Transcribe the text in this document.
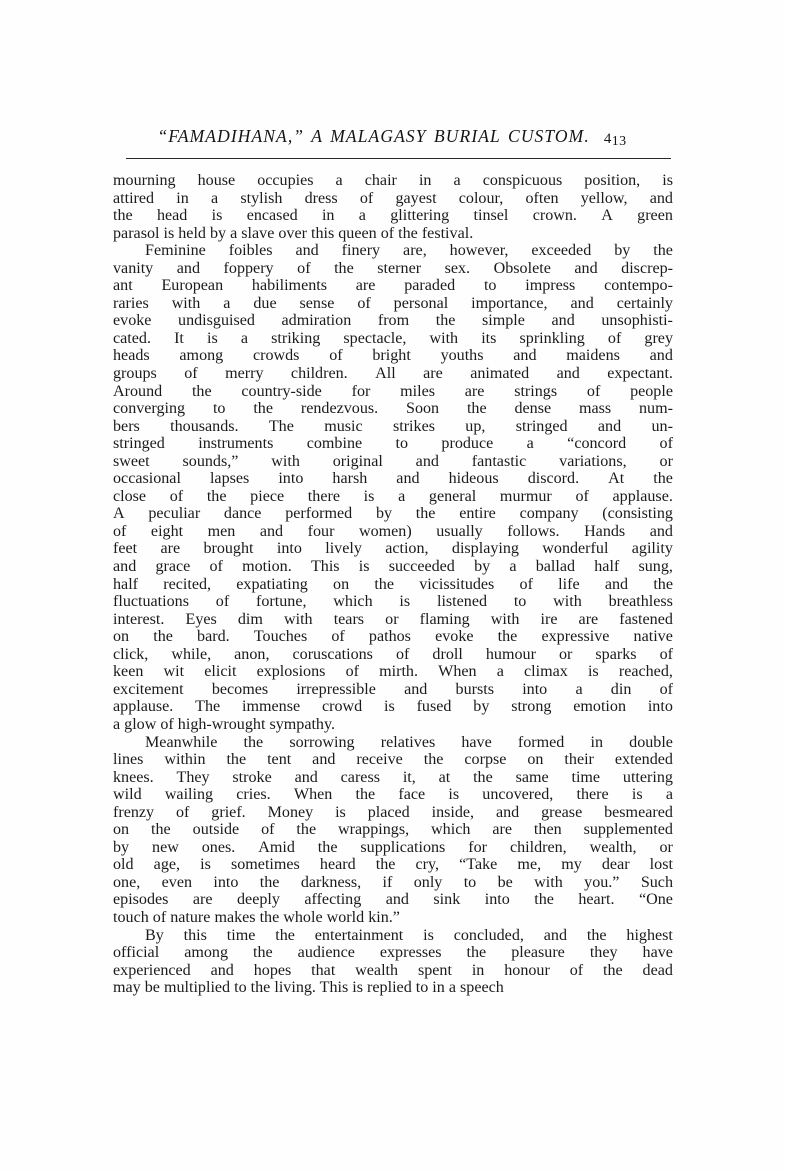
“FAMADIHANA,” A MALAGASY BURIAL CUSTOM. 413
mourning house occupies a chair in a conspicuous position, is
attired in a stylish dress of gayest colour, often yellow, and
the head is encased in a glittering tinsel crown. A green
parasol is held by a slave over this queen of the festival.
Feminine	foibles	and	finery	are,	however,	exceeded	by	the
vanity and foppery of the sterner sex. Obsolete and discrep-
ant European habiliments are paraded to impress contempo-
raries with a due sense of personal importance, and certainly
evoke undisguised admiration from the simple and unsophisti-
cated. It is a striking spectacle, with its sprinkling of grey
heads among crowds of bright youths and maidens and
groups of merry children. All are animated and expectant.
Around the country-side for miles are strings of people
converging to the rendezvous. Soon the dense mass num-
bers thousands. The music strikes up, stringed and un-
stringed instruments combine to produce a “concord of
sweet sounds,” with original and fantastic variations, or
occasional lapses into harsh and hideous discord. At the
close of the piece there is a general murmur of applause.
A peculiar dance performed by the entire company (consisting
of eight men and four women) usually follows. Hands and
feet are brought into lively action, displaying wonderful agility
and grace of motion. This is succeeded by a ballad half sung,
half recited, expatiating on the vicissitudes of life and the
fluctuations of fortune, which is listened to with breathless
interest. Eyes dim with tears or flaming with ire are fastened
on the bard. Touches of pathos evoke the expressive native
click, while, anon, coruscations of droll humour or sparks of
keen wit elicit explosions of mirth. When a climax is reached,
excitement becomes irrepressible and bursts into a din of
applause. The immense crowd is fused by strong emotion into
a glow of high-wrought sympathy.
Meanwhile	the	sorrowing	relatives	have	formed	in	double
lines within the tent and receive the corpse on their extended
knees. They stroke and caress it, at the same time uttering
wild wailing cries. When the face is uncovered, there is a
frenzy of grief. Money is placed inside, and grease besmeared
on the outside of the wrappings, which are then supplemented
by new ones. Amid the supplications for children, wealth, or
old age, is sometimes heard the cry, “Take me, my dear lost
one, even into the darkness, if only to be with you.” Such
episodes are deeply affecting and sink into the heart. “One
touch of nature makes the whole world kin.”
By	this	time	the	entertainment	is	concluded,	and	the	highest
official among the audience expresses the pleasure they have
experienced and hopes that wealth spent in honour of the dead
may be multiplied to the living. This is replied to in a speech
